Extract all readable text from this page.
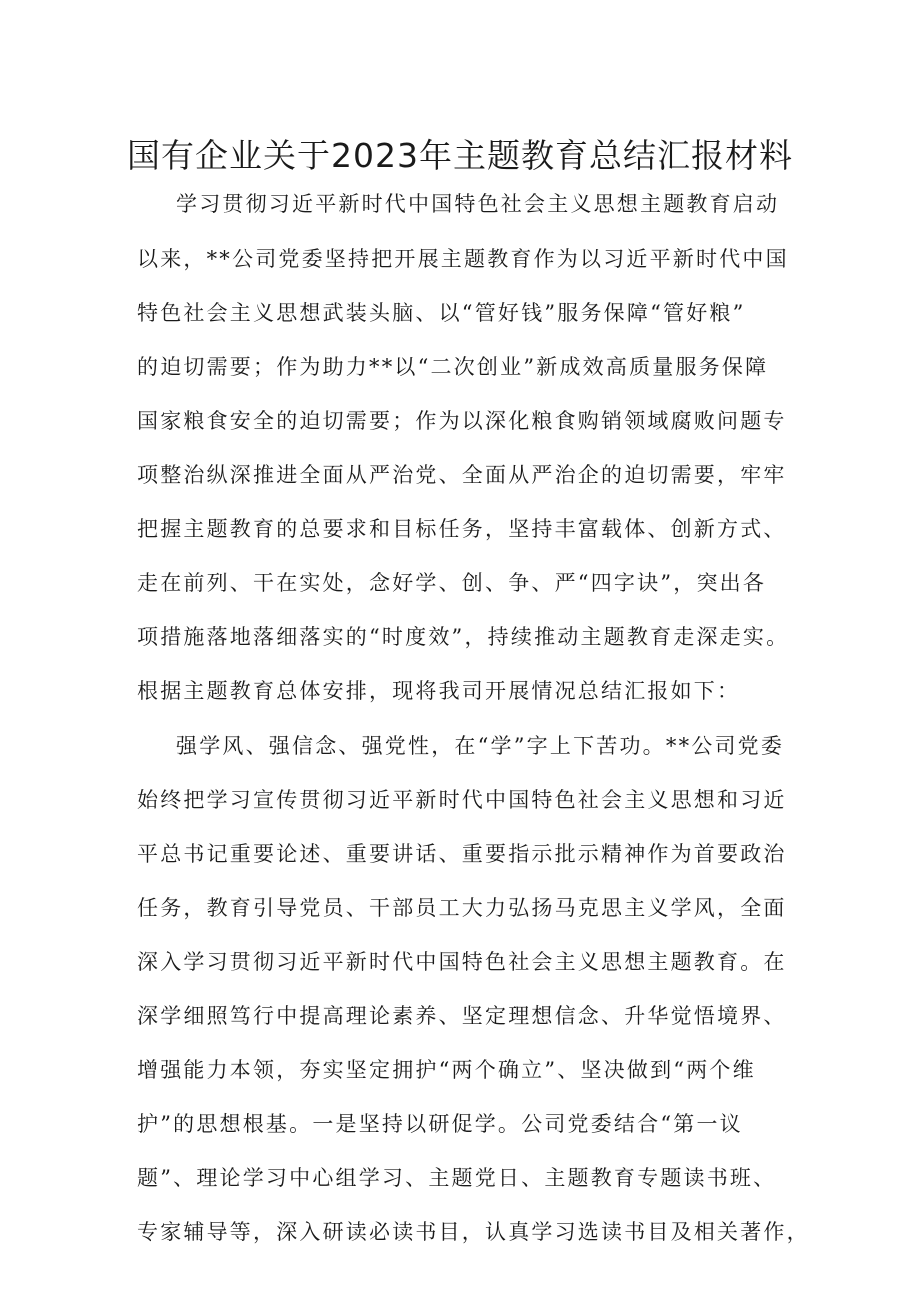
国有企业关于2023年主题教育总结汇报材料
学习贯彻习近平新时代中国特色社会主义思想主题教育启动
以来，**公司党委坚持把开展主题教育作为以习近平新时代中国
特色社会主义思想武装头脑、以“管好钱”服务保障“管好粮”
的迫切需要；作为助力**以“二次创业”新成效高质量服务保障
国家粮食安全的迫切需要；作为以深化粮食购销领域腐败问题专
项整治纵深推进全面从严治党、全面从严治企的迫切需要，牢牢
把握主题教育的总要求和目标任务，坚持丰富载体、创新方式、
走在前列、干在实处，念好学、创、争、严“四字诀”，突出各
项措施落地落细落实的“时度效”，持续推动主题教育走深走实。
根据主题教育总体安排，现将我司开展情况总结汇报如下：
强学风、强信念、强党性，在“学”字上下苦功。**公司党委
始终把学习宣传贯彻习近平新时代中国特色社会主义思想和习近
平总书记重要论述、重要讲话、重要指示批示精神作为首要政治
任务，教育引导党员、干部员工大力弘扬马克思主义学风，全面
深入学习贯彻习近平新时代中国特色社会主义思想主题教育。在
深学细照笃行中提高理论素养、坚定理想信念、升华觉悟境界、
增强能力本领，夯实坚定拥护“两个确立”、坚决做到“两个维
护”的思想根基。一是坚持以研促学。公司党委结合“第一议
题”、理论学习中心组学习、主题党日、主题教育专题读书班、
专家辅导等，深入研读必读书目，认真学习选读书目及相关著作，
